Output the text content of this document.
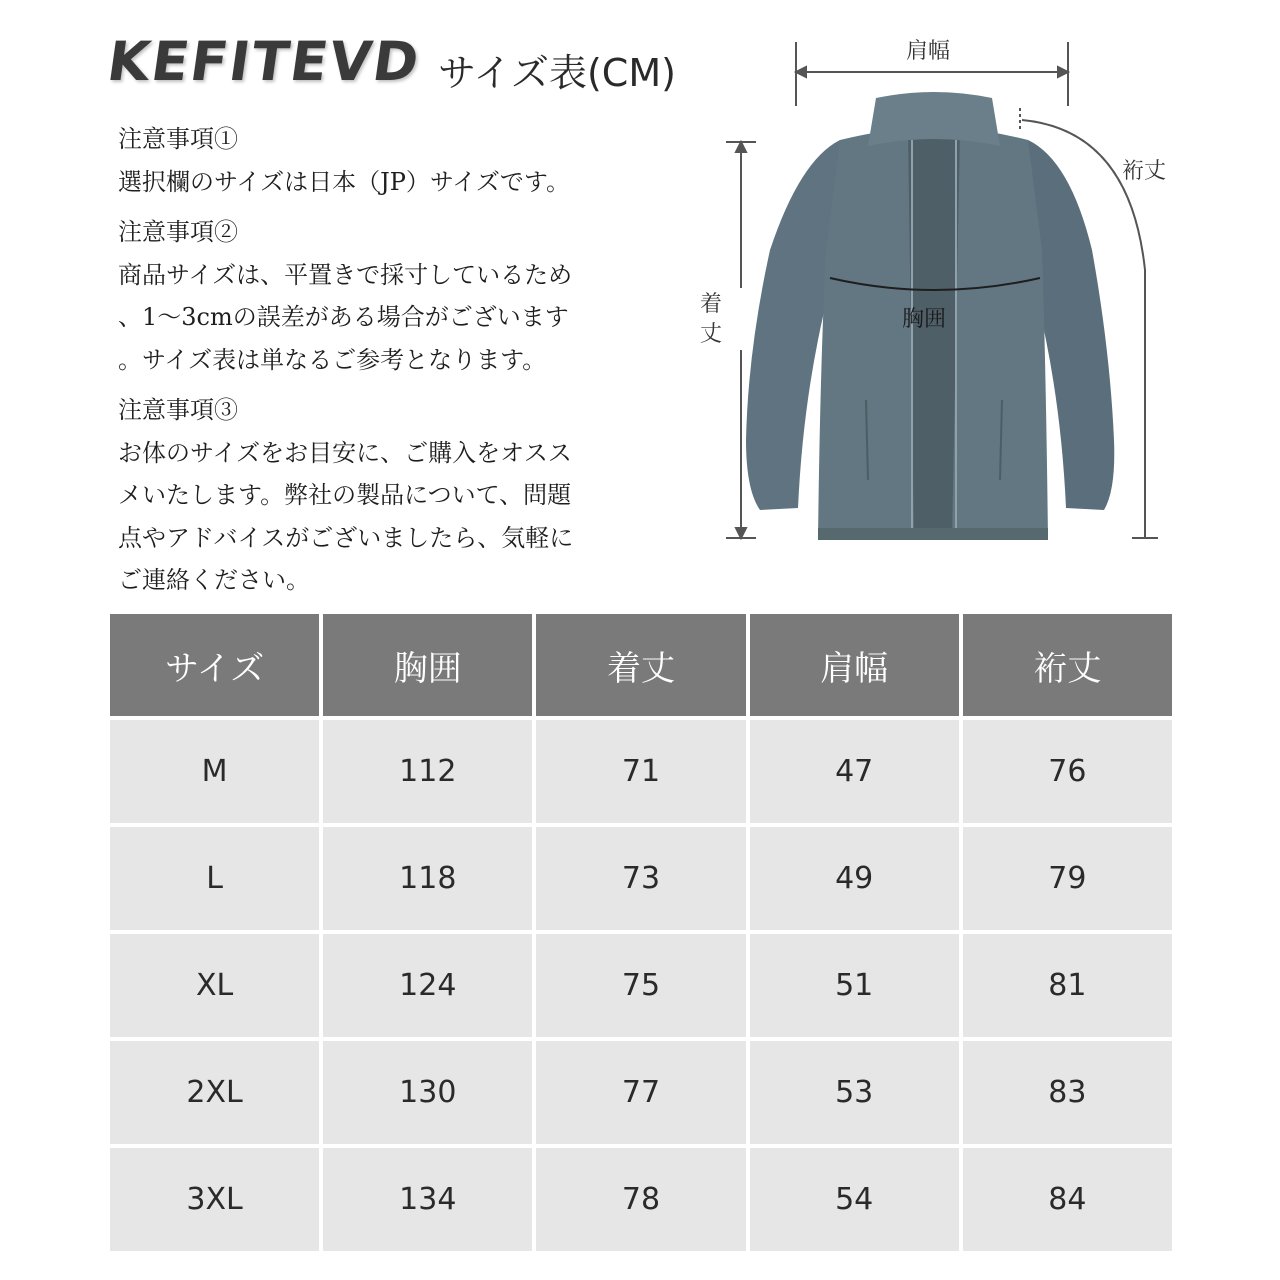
KEFITEVD サイズ表(CM)

注意事項①

選択欄のサイズは日本（JP）サイズです。

注意事項②

商品サイズは、平置きで採寸しているため

、1～3cmの誤差がある場合がございます

。サイズ表は単なるご参考となります。

注意事項③

お体のサイズをお目安に、ご購入をオスス

メいたします。弊社の製品について、問題

点やアドバイスがございましたら、気軽に

ご連絡ください。

肩幅
裄丈
着丈
胸囲
サイズ	胸囲	着丈	肩幅	裄丈
M	112	71	47	76
L	118	73	49	79
XL	124	75	51	81
2XL	130	77	53	83
3XL	134	78	54	84
